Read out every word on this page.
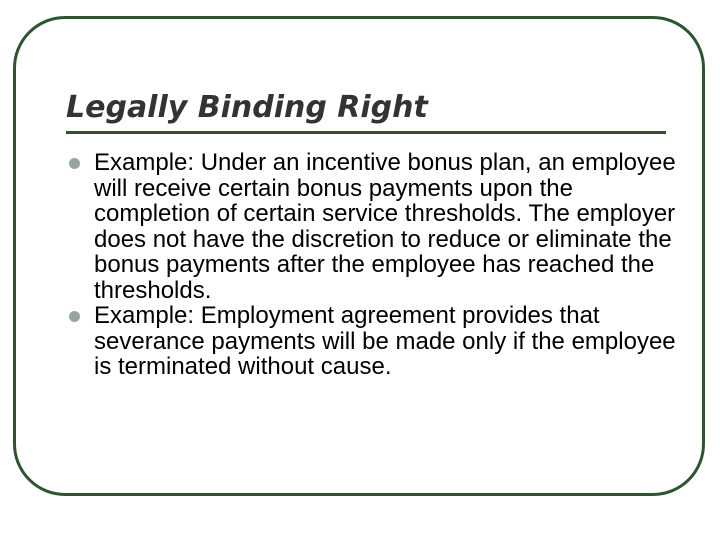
Legally Binding Right
Example: Under an incentive bonus plan, an employee will receive certain bonus payments upon the completion of certain service thresholds. The employer does not have the discretion to reduce or eliminate the bonus payments after the employee has reached the thresholds.
Example: Employment agreement provides that severance payments will be made only if the employee is terminated without cause.
